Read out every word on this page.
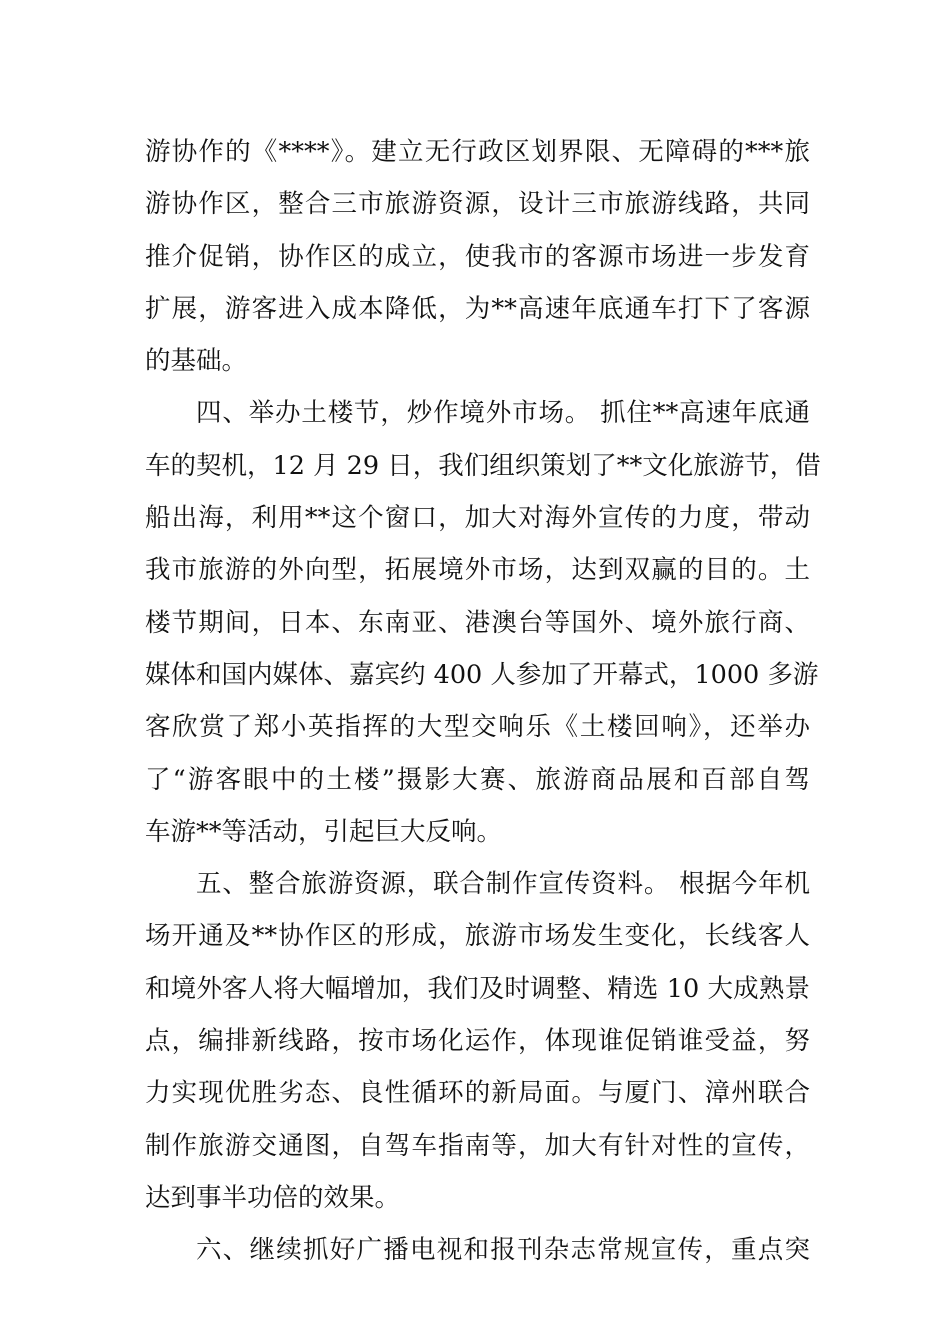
游协作的《****》。建立无行政区划界限、无障碍的***旅
游协作区，整合三市旅游资源，设计三市旅游线路，共同
推介促销，协作区的成立，使我市的客源市场进一步发育
扩展，游客进入成本降低，为**高速年底通车打下了客源
的基础。
四、举办土楼节，炒作境外市场。 抓住**高速年底通
车的契机，12 月 29 日，我们组织策划了**文化旅游节，借
船出海，利用**这个窗口，加大对海外宣传的力度，带动
我市旅游的外向型，拓展境外市场，达到双赢的目的。土
楼节期间，日本、东南亚、港澳台等国外、境外旅行商、
媒体和国内媒体、嘉宾约 400 人参加了开幕式，1000 多游
客欣赏了郑小英指挥的大型交响乐《土楼回响》，还举办
了“游客眼中的土楼”摄影大赛、旅游商品展和百部自驾
车游**等活动，引起巨大反响。
五、整合旅游资源，联合制作宣传资料。 根据今年机
场开通及**协作区的形成，旅游市场发生变化，长线客人
和境外客人将大幅增加，我们及时调整、精选 10 大成熟景
点，编排新线路，按市场化运作，体现谁促销谁受益，努
力实现优胜劣态、良性循环的新局面。与厦门、漳州联合
制作旅游交通图，自驾车指南等，加大有针对性的宣传，
达到事半功倍的效果。
六、继续抓好广播电视和报刊杂志常规宣传，重点突
